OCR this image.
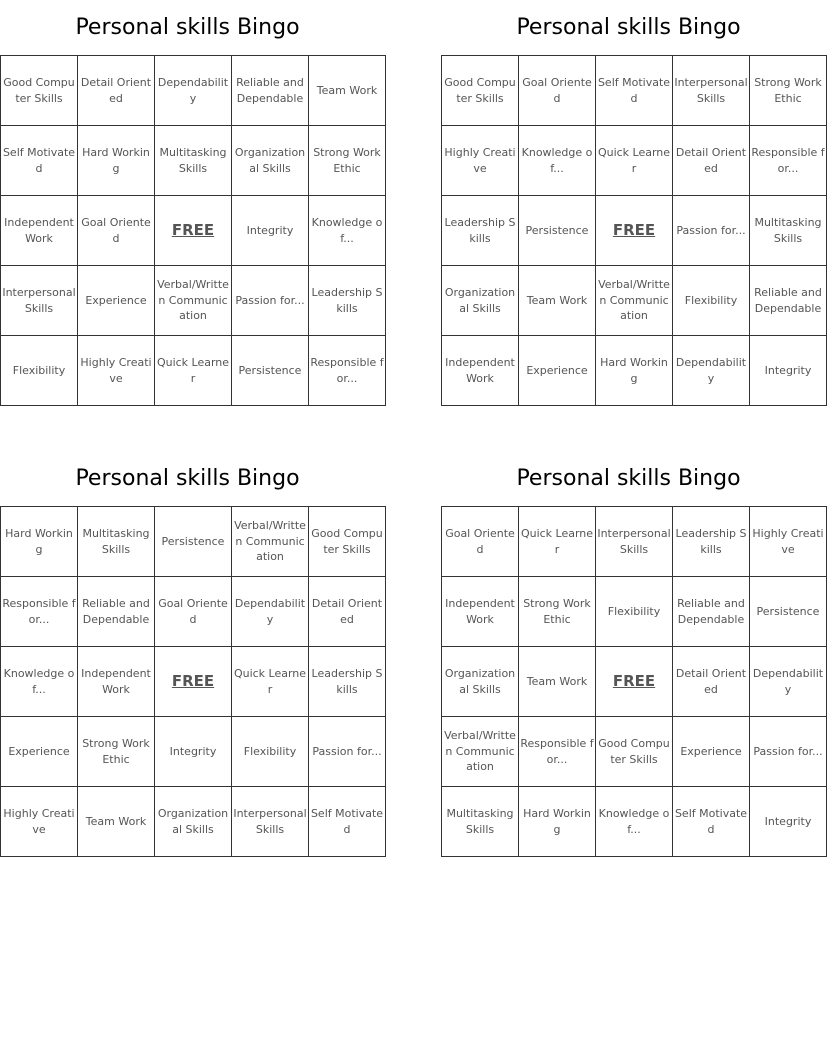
Personal skills Bingo
Good Computer Skills	Detail Oriented	Dependability	Reliable and Dependable	Team Work
Self Motivated	Hard Working	Multitasking Skills	Organizational Skills	Strong Work Ethic
Independent Work	Goal Oriented	FREE	Integrity	Knowledge of...
Interpersonal Skills	Experience	Verbal/Written Communication	Passion for...	Leadership Skills
Flexibility	Highly Creative	Quick Learner	Persistence	Responsible for...
Personal skills Bingo
Good Computer Skills	Goal Oriented	Self Motivated	Interpersonal Skills	Strong Work Ethic
Highly Creative	Knowledge of...	Quick Learner	Detail Oriented	Responsible for...
Leadership Skills	Persistence	FREE	Passion for...	Multitasking Skills
Organizational Skills	Team Work	Verbal/Written Communication	Flexibility	Reliable and Dependable
Independent Work	Experience	Hard Working	Dependability	Integrity
Personal skills Bingo
Hard Working	Multitasking Skills	Persistence	Verbal/Written Communication	Good Computer Skills
Responsible for...	Reliable and Dependable	Goal Oriented	Dependability	Detail Oriented
Knowledge of...	Independent Work	FREE	Quick Learner	Leadership Skills
Experience	Strong Work Ethic	Integrity	Flexibility	Passion for...
Highly Creative	Team Work	Organizational Skills	Interpersonal Skills	Self Motivated
Personal skills Bingo
Goal Oriented	Quick Learner	Interpersonal Skills	Leadership Skills	Highly Creative
Independent Work	Strong Work Ethic	Flexibility	Reliable and Dependable	Persistence
Organizational Skills	Team Work	FREE	Detail Oriented	Dependability
Verbal/Written Communication	Responsible for...	Good Computer Skills	Experience	Passion for...
Multitasking Skills	Hard Working	Knowledge of...	Self Motivated	Integrity
